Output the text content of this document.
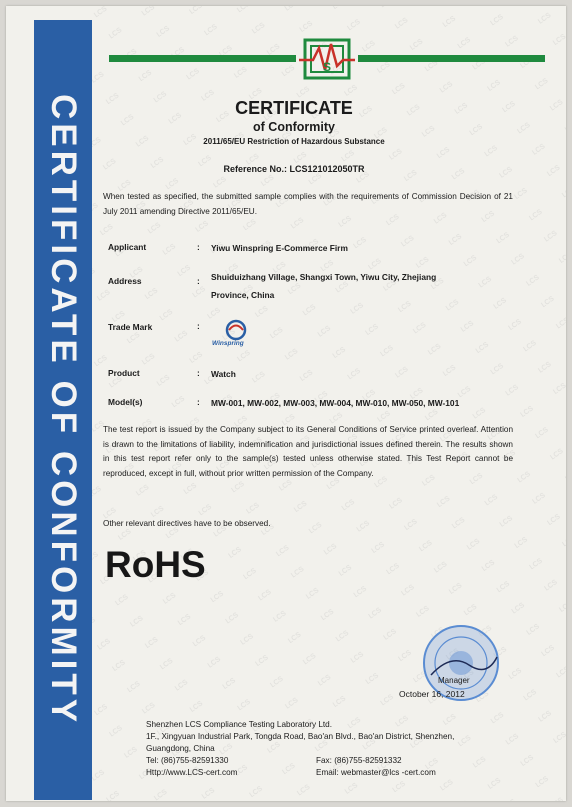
CERTIFICATE OF CONFORMITY
S
CERTIFICATE
of Conformity
2011/65/EU Restriction of Hazardous Substance
Reference No.: LCS121012050TR
When tested as specified, the submitted sample complies with the requirements of Commission Decision of 21 July 2011 amending Directive 2011/65/EU.
Applicant	: Yiwu Winspring E-Commerce Firm
Address	: Shuiduizhang Village, Shangxi Town, Yiwu City, Zhejiang
Province, China
Trade Mark	:
Winspring
Product	: Watch
Model(s)	: MW-001, MW-002, MW-003, MW-004, MW-010, MW-050, MW-101
The test report is issued by the Company subject to its General Conditions of Service printed overleaf. Attention is drawn to the limitations of liability, indemnification and jurisdictional issues defined therein. The results shown in this test report refer only to the sample(s) tested unless otherwise stated. This Test Report cannot be reproduced, except in full, without prior written permission of the Company.
Other relevant directives have to be observed.
RoHS
Manager
October 16, 2012
Shenzhen LCS Compliance Testing Laboratory Ltd.
1F., Xingyuan Industrial Park, Tongda Road, Bao'an Blvd., Bao'an District, Shenzhen,
Guangdong, China
Tel: (86)755-82591330
Http://www.LCS-cert.com
Fax: (86)755-82591332
Email: webmaster@lcs -cert.com
